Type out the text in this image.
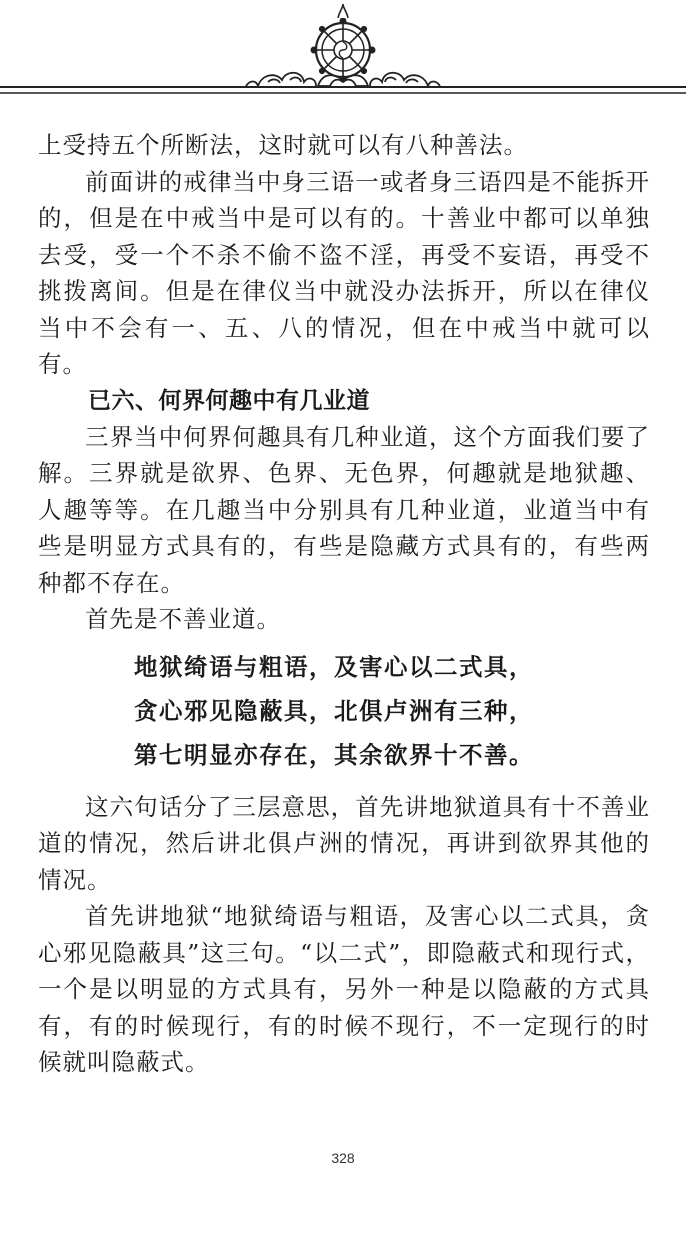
上受持五个所断法，这时就可以有八种善法。

前面讲的戒律当中身三语一或者身三语四是不能拆开的，但是在中戒当中是可以有的。十善业中都可以单独去受，受一个不杀不偷不盗不淫，再受不妄语，再受不挑拨离间。但是在律仪当中就没办法拆开，所以在律仪当中不会有一、五、八的情况，但在中戒当中就可以有。

已六、何界何趣中有几业道

三界当中何界何趣具有几种业道，这个方面我们要了解。三界就是欲界、色界、无色界，何趣就是地狱趣、人趣等等。在几趣当中分别具有几种业道，业道当中有些是明显方式具有的，有些是隐藏方式具有的，有些两种都不存在。

首先是不善业道。

地狱绮语与粗语，及害心以二式具，
贪心邪见隐蔽具，北俱卢洲有三种，
第七明显亦存在，其余欲界十不善。

这六句话分了三层意思，首先讲地狱道具有十不善业道的情况，然后讲北俱卢洲的情况，再讲到欲界其他的情况。

首先讲地狱“地狱绮语与粗语，及害心以二式具，贪心邪见隐蔽具”这三句。“以二式”，即隐蔽式和现行式，一个是以明显的方式具有，另外一种是以隐蔽的方式具有，有的时候现行，有的时候不现行，不一定现行的时候就叫隐蔽式。

328
